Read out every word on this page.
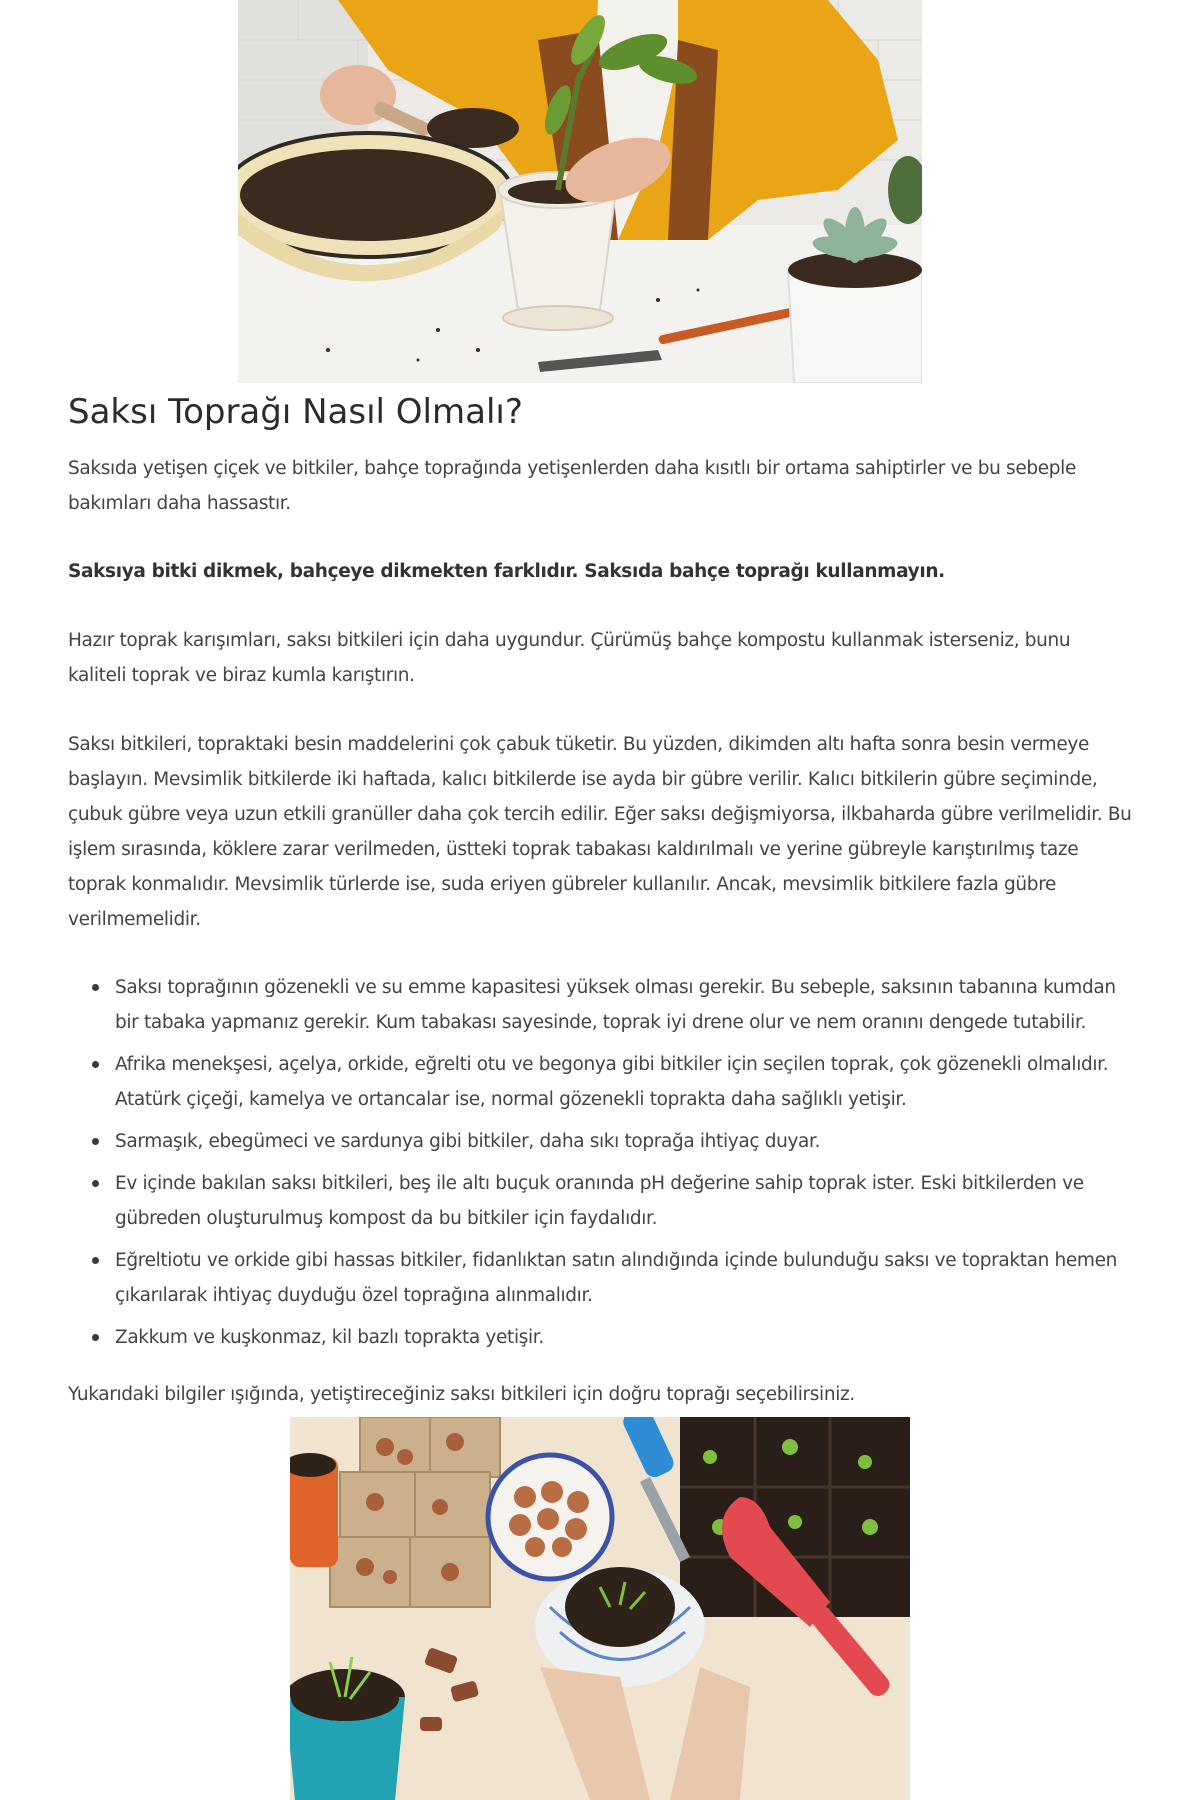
Saksı Toprağı Nasıl Olmalı?

Saksıda yetişen çiçek ve bitkiler, bahçe toprağında yetişenlerden daha kısıtlı bir ortama sahiptirler ve bu sebeple bakımları daha hassastır.

Saksıya bitki dikmek, bahçeye dikmekten farklıdır. Saksıda bahçe toprağı kullanmayın.

Hazır toprak karışımları, saksı bitkileri için daha uygundur. Çürümüş bahçe kompostu kullanmak isterseniz, bunu kaliteli toprak ve biraz kumla karıştırın.

Saksı bitkileri, topraktaki besin maddelerini çok çabuk tüketir. Bu yüzden, dikimden altı hafta sonra besin vermeye başlayın. Mevsimlik bitkilerde iki haftada, kalıcı bitkilerde ise ayda bir gübre verilir. Kalıcı bitkilerin gübre seçiminde, çubuk gübre veya uzun etkili granüller daha çok tercih edilir. Eğer saksı değişmiyorsa, ilkbaharda gübre verilmelidir. Bu işlem sırasında, köklere zarar verilmeden, üstteki toprak tabakası kaldırılmalı ve yerine gübreyle karıştırılmış taze toprak konmalıdır. Mevsimlik türlerde ise, suda eriyen gübreler kullanılır. Ancak, mevsimlik bitkilere fazla gübre verilmemelidir.

Saksı toprağının gözenekli ve su emme kapasitesi yüksek olması gerekir. Bu sebeple, saksının tabanına kumdan bir tabaka yapmanız gerekir. Kum tabakası sayesinde, toprak iyi drene olur ve nem oranını dengede tutabilir.
Afrika menekşesi, açelya, orkide, eğrelti otu ve begonya gibi bitkiler için seçilen toprak, çok gözenekli olmalıdır. Atatürk çiçeği, kamelya ve ortancalar ise, normal gözenekli toprakta daha sağlıklı yetişir.
Sarmaşık, ebegümeci ve sardunya gibi bitkiler, daha sıkı toprağa ihtiyaç duyar.
Ev içinde bakılan saksı bitkileri, beş ile altı buçuk oranında pH değerine sahip toprak ister. Eski bitkilerden ve gübreden oluşturulmuş kompost da bu bitkiler için faydalıdır.
Eğreltiotu ve orkide gibi hassas bitkiler, fidanlıktan satın alındığında içinde bulunduğu saksı ve topraktan hemen çıkarılarak ihtiyaç duyduğu özel toprağına alınmalıdır.
Zakkum ve kuşkonmaz, kil bazlı toprakta yetişir.

Yukarıdaki bilgiler ışığında, yetiştireceğiniz saksı bitkileri için doğru toprağı seçebilirsiniz.
